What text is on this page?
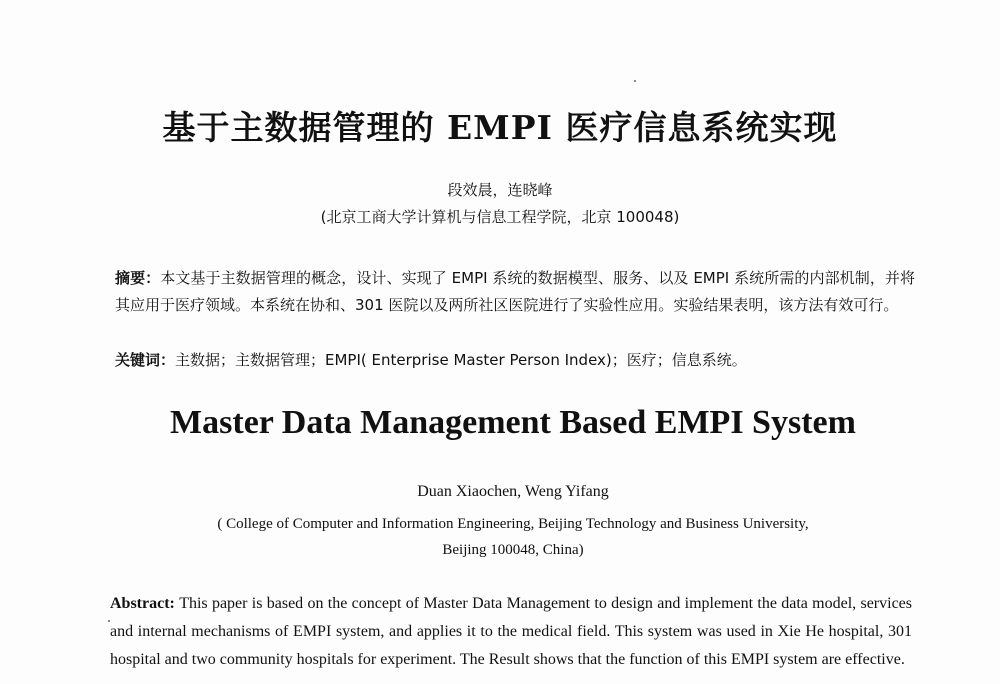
基于主数据管理的 EMPI 医疗信息系统实现
段效晨，连晓峰
(北京工商大学计算机与信息工程学院，北京 100048)
摘要：本文基于主数据管理的概念，设计、实现了 EMPI 系统的数据模型、服务、以及 EMPI 系统所需的内部机制，并将其应用于医疗领域。本系统在协和、301 医院以及两所社区医院进行了实验性应用。实验结果表明，该方法有效可行。
关键词：主数据；主数据管理；EMPI( Enterprise Master Person Index)；医疗；信息系统。
Master Data Management Based EMPI System
Duan Xiaochen, Weng Yifang
( College of Computer and Information Engineering, Beijing Technology and Business University, Beijing 100048, China)
Abstract: This paper is based on the concept of Master Data Management to design and implement the data model, services and internal mechanisms of EMPI system, and applies it to the medical field. This system was used in Xie He hospital, 301 hospital and two community hospitals for experiment. The Result shows that the function of this EMPI system are effective.
